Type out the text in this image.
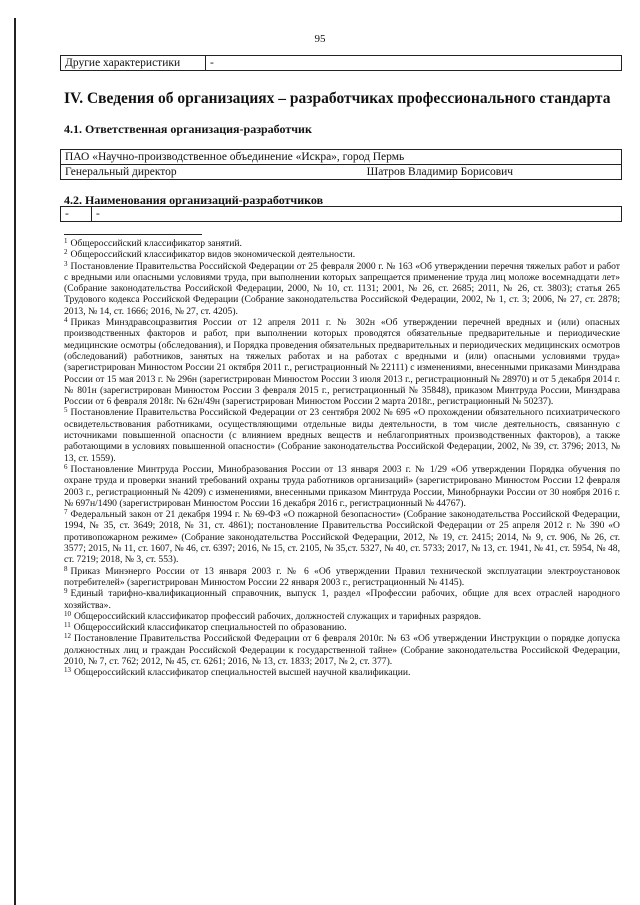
95
Другие характеристики	-
IV. Сведения об организациях – разработчиках профессионального стандарта
4.1. Ответственная организация-разработчик
ПАО «Научно-производственное объединение «Искра», город Пермь
Генеральный директор	Шатров Владимир Борисович
4.2. Наименования организаций-разработчиков
-	-

$^1$ Общероссийский классификатор занятий.

$^2$ Общероссийский классификатор видов экономической деятельности.

$^3$ Постановление Правительства Российской Федерации от 25 февраля 2000 г. № 163 «Об утверждении перечня тяжелых работ и работ с вредными или опасными условиями труда, при выполнении которых запрещается применение труда лиц моложе восемнадцати лет» (Собрание законодательства Российской Федерации, 2000, № 10, ст. 1131; 2001, № 26, ст. 2685; 2011, № 26, ст. 3803); статья 265 Трудового кодекса Российской Федерации (Собрание законодательства Российской Федерации, 2002, № 1, ст. 3; 2006, № 27, ст. 2878; 2013, № 14, ст. 1666; 2016, № 27, ст. 4205).

$^4$ Приказ Минздравсоцразвития России от 12 апреля 2011 г. № 302н «Об утверждении перечней вредных и (или) опасных производственных факторов и работ, при выполнении которых проводятся обязательные предварительные и периодические медицинские осмотры (обследования), и Порядка проведения обязательных предварительных и периодических медицинских осмотров (обследований) работников, занятых на тяжелых работах и на работах с вредными и (или) опасными условиями труда» (зарегистрирован Минюстом России 21 октября 2011 г., регистрационный № 22111) с изменениями, внесенными приказами Минздрава России от 15 мая 2013 г. № 296н (зарегистрирован Минюстом России 3 июля 2013 г., регистрационный № 28970) и от 5 декабря 2014 г. № 801н (зарегистрирован Минюстом России 3 февраля 2015 г., регистрационный № 35848), приказом Минтруда России, Минздрава России от 6 февраля 2018г. № 62н/49н (зарегистрирован Минюстом России 2 марта 2018г., регистрационный № 50237).

$^5$ Постановление Правительства Российской Федерации от 23 сентября 2002 № 695 «О прохождении обязательного психиатрического освидетельствования работниками, осуществляющими отдельные виды деятельности, в том числе деятельность, связанную с источниками повышенной опасности (с влиянием вредных веществ и неблагоприятных производственных факторов), а также работающими в условиях повышенной опасности» (Собрание законодательства Российской Федерации, 2002, № 39, ст. 3796; 2013, № 13, ст. 1559).

$^6$ Постановление Минтруда России, Минобразования России от 13 января 2003 г. № 1/29 «Об утверждении Порядка обучения по охране труда и проверки знаний требований охраны труда работников организаций» (зарегистрировано Минюстом России 12 февраля 2003 г., регистрационный № 4209) с изменениями, внесенными приказом Минтруда России, Минобрнауки России от 30 ноября 2016 г. № 697н/1490 (зарегистрирован Минюстом России 16 декабря 2016 г., регистрационный № 44767).

$^7$ Федеральный закон от 21 декабря 1994 г. № 69-ФЗ «О пожарной безопасности» (Собрание законодательства Российской Федерации, 1994, № 35, ст. 3649; 2018, № 31, ст. 4861); постановление Правительства Российской Федерации от 25 апреля 2012 г. № 390 «О противопожарном режиме» (Собрание законодательства Российской Федерации, 2012, № 19, ст. 2415; 2014, № 9, ст. 906, № 26, ст. 3577; 2015, № 11, ст. 1607, № 46, ст. 6397; 2016, № 15, ст. 2105, № 35,ст. 5327, № 40, ст. 5733; 2017, № 13, ст. 1941, № 41, ст. 5954, № 48, ст. 7219; 2018, № 3, ст. 553).

$^8$ Приказ Минэнерго России от 13 января 2003 г. № 6 «Об утверждении Правил технической эксплуатации электроустановок потребителей» (зарегистрирован Минюстом России 22 января 2003 г., регистрационный № 4145).

$^9$ Единый тарифно-квалификационный справочник, выпуск 1, раздел «Профессии рабочих, общие для всех отраслей народного хозяйства».

$^{10}$ Общероссийский классификатор профессий рабочих, должностей служащих и тарифных разрядов.

$^{11}$ Общероссийский классификатор специальностей по образованию.

$^{12}$ Постановление Правительства Российской Федерации от 6 февраля 2010г. № 63 «Об утверждении Инструкции о порядке допуска должностных лиц и граждан Российской Федерации к государственной тайне» (Собрание законодательства Российской Федерации, 2010, № 7, ст. 762; 2012, № 45, ст. 6261; 2016, № 13, ст. 1833; 2017, № 2, ст. 377).

$^{13}$ Общероссийский классификатор специальностей высшей научной квалификации.
